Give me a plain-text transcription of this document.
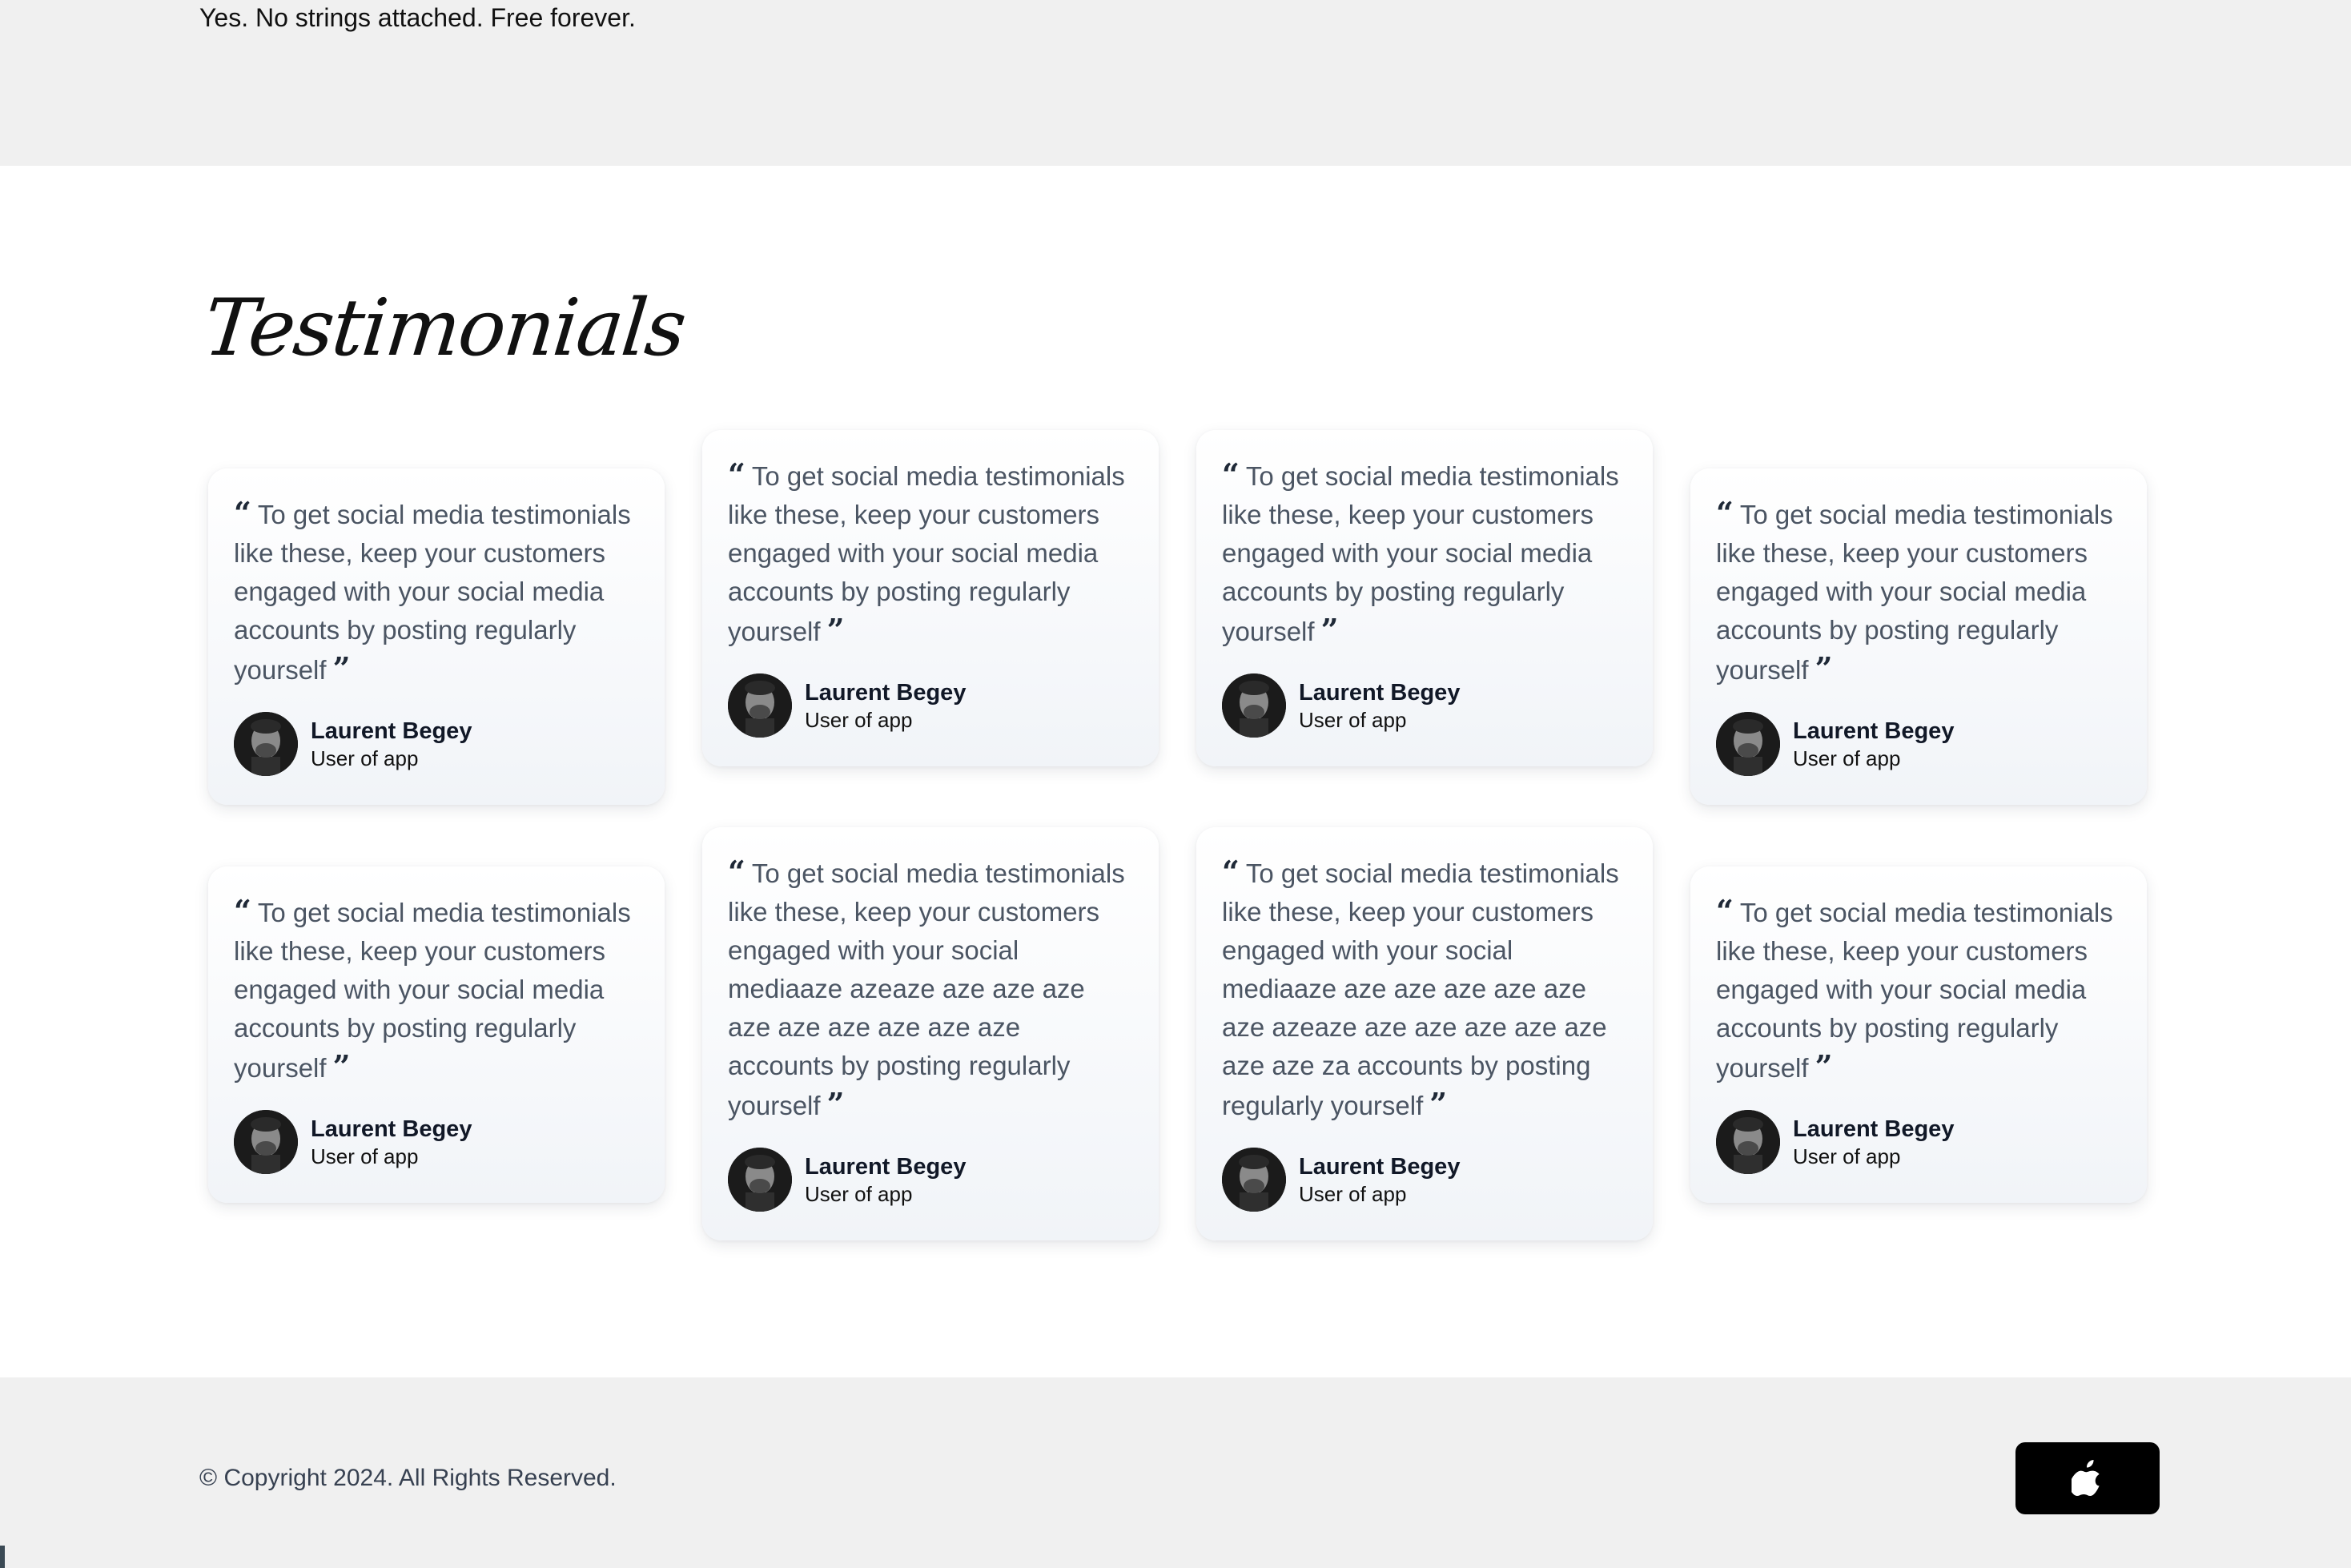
Yes. No strings attached. Free forever.
Testimonials

“ To get social media testimonials like these, keep your customers engaged with your social media accounts by posting regularly yourself ”

Laurent Begey
User of app

“ To get social media testimonials like these, keep your customers engaged with your social media accounts by posting regularly yourself ”

Laurent Begey
User of app

“ To get social media testimonials like these, keep your customers engaged with your social media accounts by posting regularly yourself ”

Laurent Begey
User of app

“ To get social media testimonials like these, keep your customers engaged with your social media accounts by posting regularly yourself ”

Laurent Begey
User of app

“ To get social media testimonials like these, keep your customers engaged with your social media accounts by posting regularly yourself ”

Laurent Begey
User of app

“ To get social media testimonials like these, keep your customers engaged with your social mediaaze azeaze aze aze aze aze aze aze aze aze aze accounts by posting regularly yourself ”

Laurent Begey
User of app

“ To get social media testimonials like these, keep your customers engaged with your social mediaaze aze aze aze aze aze aze azeaze aze aze aze aze aze aze aze za accounts by posting regularly yourself ”

Laurent Begey
User of app

“ To get social media testimonials like these, keep your customers engaged with your social media accounts by posting regularly yourself ”

Laurent Begey
User of app
© Copyright 2024. All Rights Reserved.
